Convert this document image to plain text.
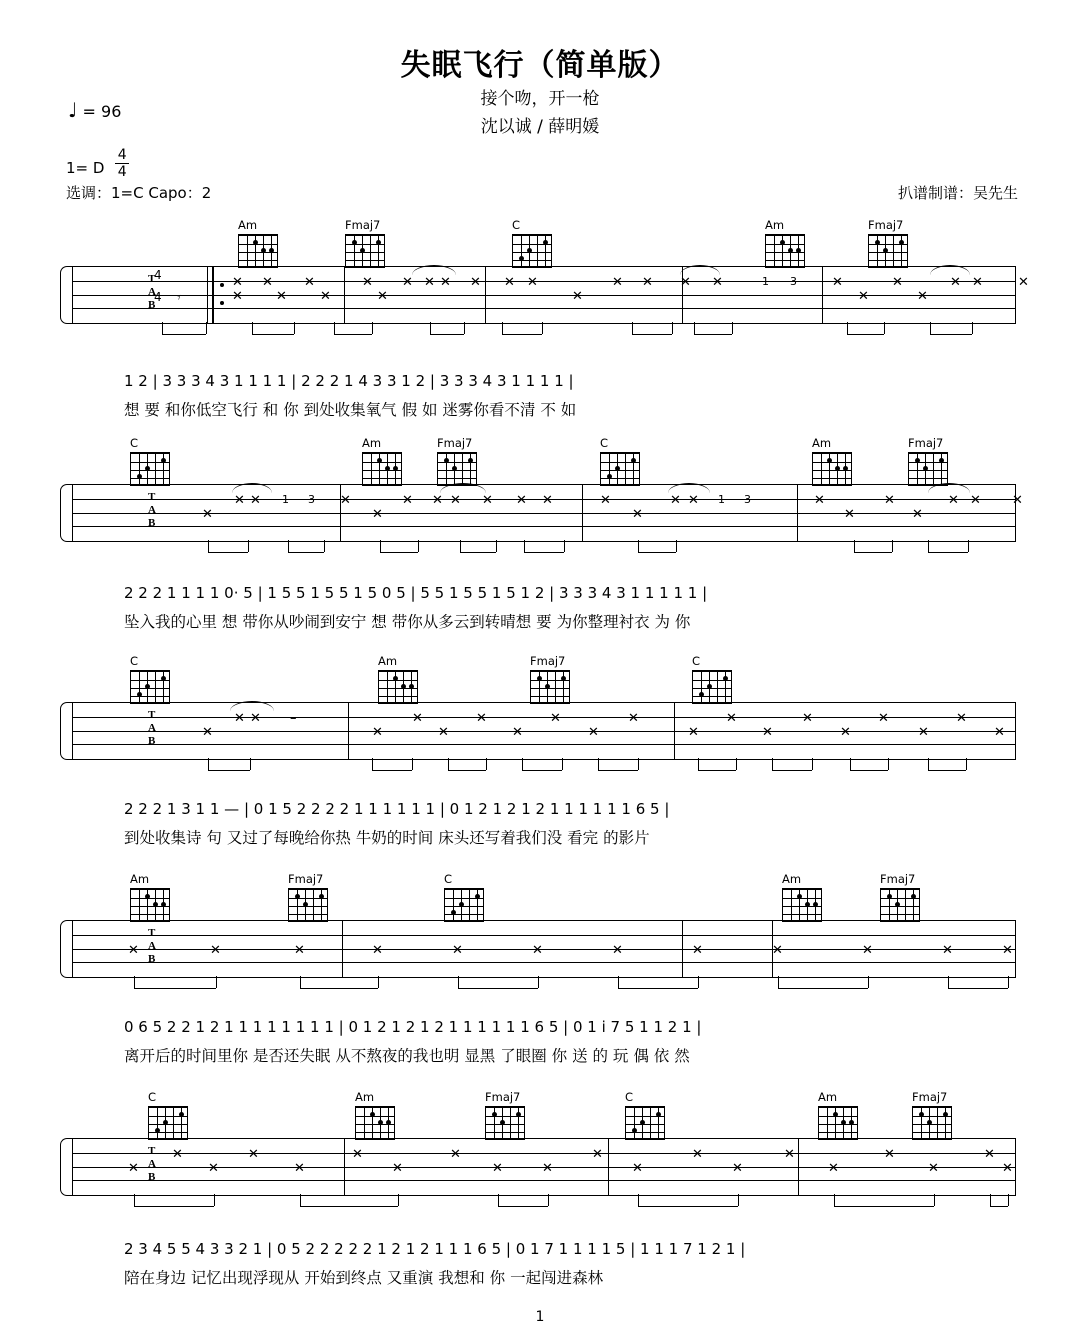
失眠飞行（简单版）
接个吻，开一枪
沈以诚 / 薛明媛
♩ = 96
1= D $\frac{4}{4}$
选调：1=C Capo：2	扒谱制谱：吴先生
Am	Fmaj7	C	Am	Fmaj7
T
A
B
4
4 𝄾
✕
✕
✕
✕
✕
✕
✕
✕
✕ ✕ ✕ ✕ ✕ ✕
✕
✕ ✕ ✕ ✕	1 3	✕
✕
✕
✕
✕ ✕	✕
1 2 | 3 3 3 4 3 1 1 1 1 | 2 2 2 1 4 3 3 1 2 | 3 3 3 4 3 1 1 1 1 |
想 要 和你低空飞行 和 你 到处收集氧气 假 如 迷雾你看不清 不 如
C	Am	Fmaj7	C	Am	Fmaj7
T
A
B
✕
✕ ✕ 1 3 ✕
✕
✕ ✕ ✕ ✕ ✕ ✕	✕
✕
✕ ✕ 1 3	✕
✕
✕
✕
✕ ✕ ✕
2 2 2 1 1 1 1 0· 5 | 1 5 5 1 5 5 1 5 0 5 | 5 5 1 5 5 1 5 1 2 | 3 3 3 4 3 1 1 1 1 1 |
坠入我的心里 想 带你从吵闹到安宁 想 带你从多云到转晴想 要 为你整理衬衣 为 你
C	Am	Fmaj7	C
T
A
B
✕
✕ ✕ –
✕
✕
✕
✕
✕
✕
✕
✕
✕
✕
✕
✕
✕
✕
✕
✕
✕
2 2 2 1 3 1 1 — | 0 1 5 2 2 2 2 1 1 1 1 1 1 | 0 1 2 1 2 1 2 1 1 1 1 1 1 6 5 |
到处收集诗 句 又过了每晚给你热 牛奶的时间 床头还写着我们没 看完 的影片
Am	Fmaj7	C	Am	Fmaj7
T
A
B
✕	✕	✕	✕	✕	✕	✕	✕	✕	✕	✕	✕
0 6 5 2 2 1 2 1 1 1 1 1 1 1 1 | 0 1 2 1 2 1 2 1 1 1 1 1 1 6 5 | 0 1 i 7 5 1 1 2 1 |
离开后的时间里你 是否还失眠 从不熬夜的我也明 显黑 了眼圈 你 送 的 玩 偶 依 然
C	Am	Fmaj7	C	Am	Fmaj7
T
A
B
✕
✕
✕
✕
✕
✕
✕
✕
✕	✕
✕
✕
✕
✕
✕
✕
✕
✕
✕
✕
2 3 4 5 5 4 3 3 2 1 | 0 5 2 2 2 2 2 1 2 1 2 1 1 1 6 5 | 0 1 7 1 1 1 1 5 | 1 1 1 7 1 2 1 |
陪在身边 记忆出现浮现从 开始到终点 又重演 我想和 你 一起闯进森林
1
